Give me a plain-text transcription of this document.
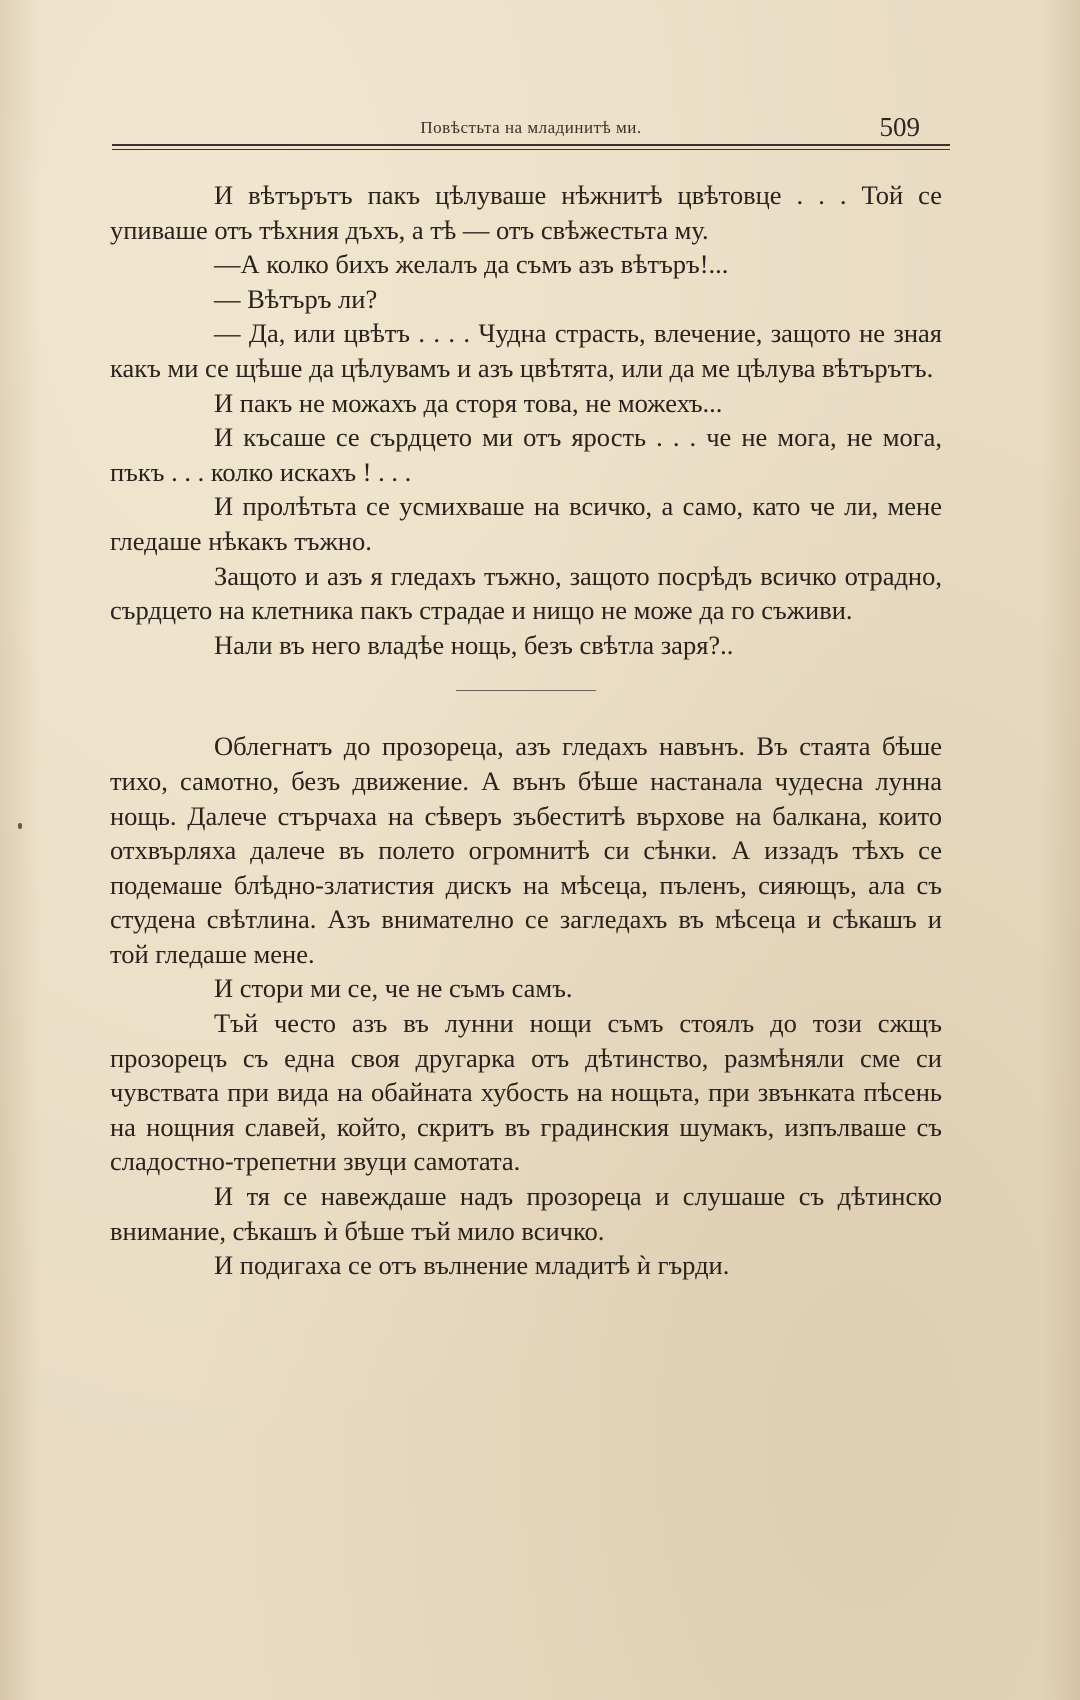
Повѣстьта на младинитѣ ми.	509

И вѣтърътъ пакъ цѣлуваше нѣжнитѣ цвѣтовце . . . Той се упиваше отъ тѣхния дъхъ, а тѣ — отъ свѣжестьта му.

—А колко бихъ желалъ да съмъ азъ вѣтъръ!...

— Вѣтъръ ли?

— Да, или цвѣтъ . . . . Чудна страсть, влечение, защото не зная какъ ми се щѣше да цѣлувамъ и азъ цвѣтята, или да ме цѣлува вѣтърътъ.

И пакъ не можахъ да сторя това, не можехъ...

И късаше се сърдцето ми отъ ярость . . . че не мога, не мога, пъкъ . . . колко искахъ ! . . .

И пролѣтьта се усмихваше на всичко, а само, като че ли, мене гледаше нѣкакъ тъжно.

Защото и азъ я гледахъ тъжно, защото посрѣдъ всичко отрадно, сърдцето на клетника пакъ страдае и нищо не може да го съживи.

Нали въ него владѣе нощь, безъ свѣтла заря?..

Облегнатъ до прозореца, азъ гледахъ навънъ. Въ стаята бѣше тихо, самотно, безъ движение. А вънъ бѣше настанала чудесна лунна нощь. Далече стърчаха на сѣверъ зъбеститѣ върхове на балкана, които отхвърляха далече въ полето огромнитѣ си сѣнки. А иззадъ тѣхъ се подемаше блѣдно-златистия дискъ на мѣсеца, пъленъ, сияющъ, ала съ студена свѣтлина. Азъ внимателно се загледахъ въ мѣсеца и сѣкашъ и той гледаше мене.

И стори ми се, че не съмъ самъ.

Тъй често азъ въ лунни нощи съмъ стоялъ до този сжщъ прозорецъ съ една своя другарка отъ дѣтинство, размѣняли сме си чувствата при вида на обайната хубость на нощьта, при звънката пѣсень на нощния славей, който, скритъ въ градинския шумакъ, изпълваше съ сладостно-трепетни звуци самотата.

И тя се навеждаше надъ прозореца и слушаше съ дѣтинско внимание, сѣкашъ ѝ бѣше тъй мило всичко.

И подигаха се отъ вълнение младитѣ ѝ гърди.
